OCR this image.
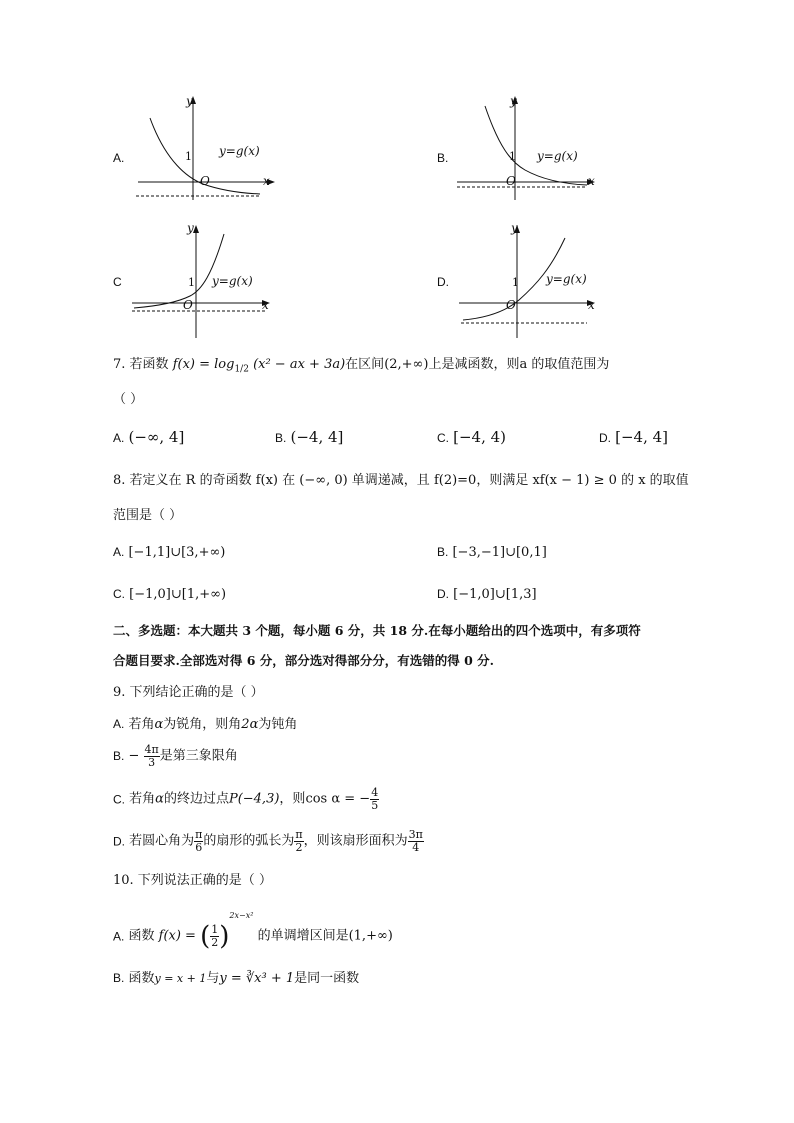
A.
y
x
O
1 y=g(x)	B.
y
x
O
1 y=g(x)
C
y
x
O
1 y=g(x)	D.
y
x
O
1 y=g(x)
7. 若函数 $f(x) = \log_{1/2} (x^2$ − ax + 3a)在区间(2,+∞)上是减函数，则a 的取值范围为
（ ）
A. (−∞, 4]	B. (−4, 4]	C. [−4, 4)	D. [−4, 4]
8. 若定义在 R 的奇函数 f(x) 在 (−∞, 0) 单调递减，且 f(2)=0，则满足 xf(x − 1) ≥ 0 的 x 的取值
范围是（ ）
A. [−1,1]∪[3,+∞)	B. [−3,−1]∪[0,1]
C. [−1,0]∪[1,+∞)	D. [−1,0]∪[1,3]
二、多选题：本大题共 3 个题，每小题 6 分，共 18 分.在每小题给出的四个选项中，有多项符
合题目要求.全部选对得 6 分，部分选对得部分分，有选错的得 0 分.
9. 下列结论正确的是（ ）
A. 若角α为锐角，则角2α为钝角
B. − $\frac{4\pi}{3}$ 是第三象限角
C. 若角α的终边过点P(−4,3)，则cos α = − $\frac{4}{5}$
D. 若圆心角为 $\frac{\pi}{6}$ 的扇形的弧长为 $\frac{\pi}{2}$ ，则该扇形面积为 $\frac{3\pi}{4}$
10. 下列说法正确的是（ ）
A. 函数 f(x) = ( $\frac{1}{2} )^{2x-x^2}$ 的单调增区间是(1,+∞)
B. 函数y = x + 1与y = ∛x³ + 1是同一函数
